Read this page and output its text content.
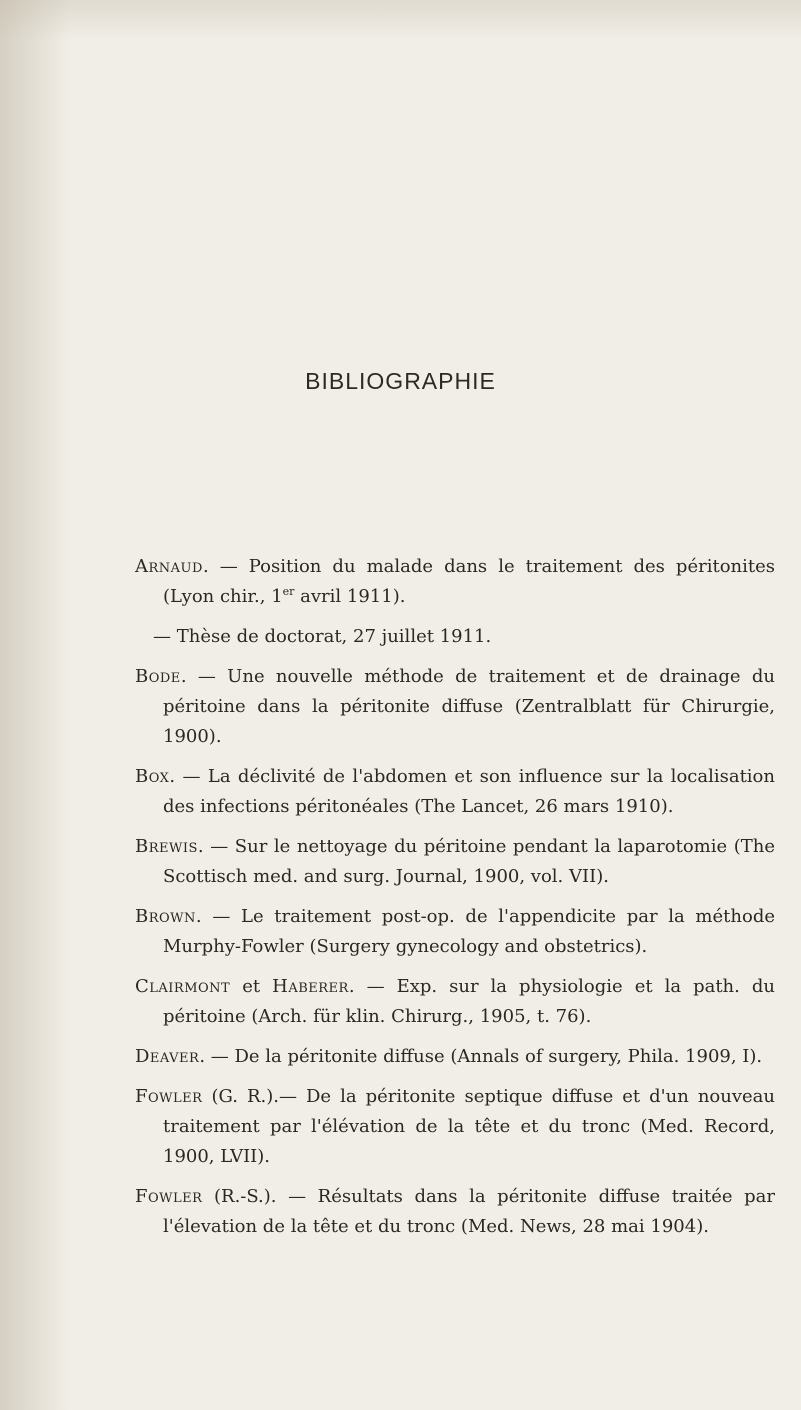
BIBLIOGRAPHIE

Arnaud. — Position du malade dans le traitement des péritonites (Lyon chir., 1er avril 1911).

— Thèse de doctorat, 27 juillet 1911.

Bode. — Une nouvelle méthode de traitement et de drainage du péritoine dans la péritonite diffuse (Zentralblatt für Chirurgie, 1900).

Box. — La déclivité de l'abdomen et son influence sur la localisation des infections péritonéales (The Lancet, 26 mars 1910).

Brewis. — Sur le nettoyage du péritoine pendant la laparotomie (The Scottisch med. and surg. Journal, 1900, vol. VII).

Brown. — Le traitement post-op. de l'appendicite par la méthode Murphy-Fowler (Surgery gynecology and obstetrics).

Clairmont et Haberer. — Exp. sur la physiologie et la path. du péritoine (Arch. für klin. Chirurg., 1905, t. 76).

Deaver. — De la péritonite diffuse (Annals of surgery, Phila. 1909, I).

Fowler (G. R.).— De la péritonite septique diffuse et d'un nouveau traitement par l'élévation de la tête et du tronc (Med. Record, 1900, LVII).

Fowler (R.-S.). — Résultats dans la péritonite diffuse traitée par l'élevation de la tête et du tronc (Med. News, 28 mai 1904).
